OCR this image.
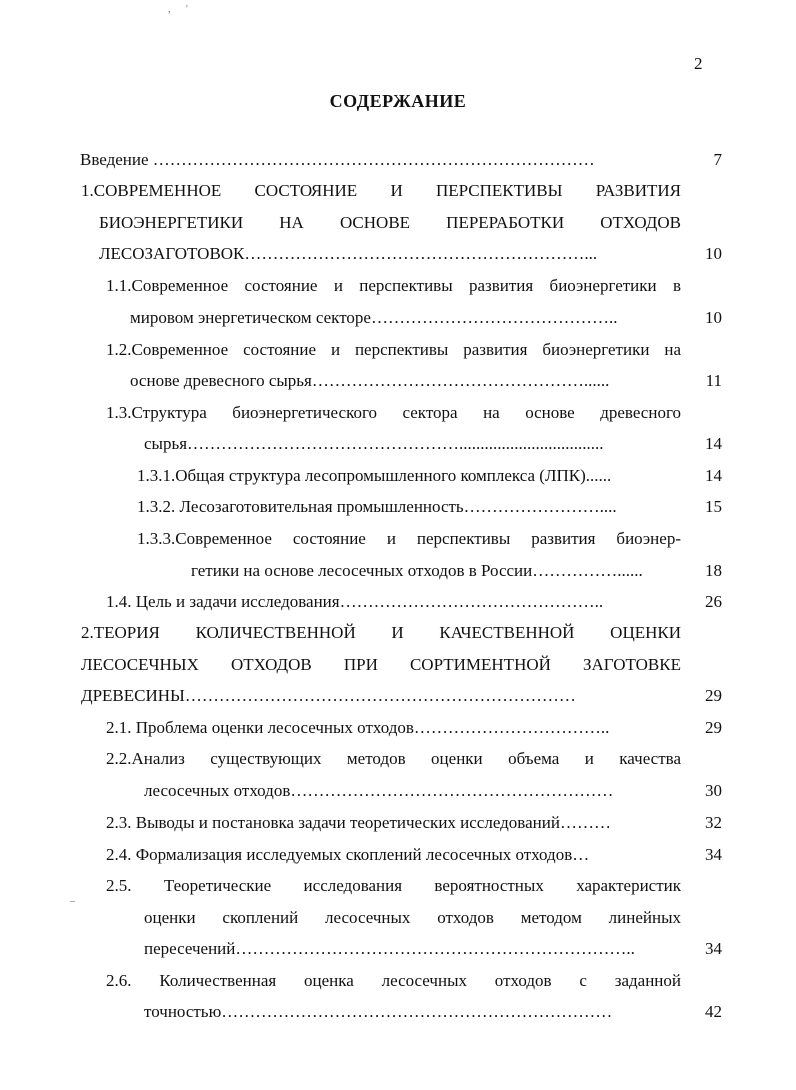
, '
2
СОДЕРЖАНИЕ
Введение ……………………………………………………………………	7
1.СОВРЕМЕННОЕ СОСТОЯНИЕ И ПЕРСПЕКТИВЫ РАЗВИТИЯ
БИОЭНЕРГЕТИКИ НА ОСНОВЕ ПЕРЕРАБОТКИ ОТХОДОВ
ЛЕСОЗАГОТОВОК……………………………………………………...	10
1.1.Современное состояние и перспективы развития биоэнергетики в
мировом энергетическом секторе……………………………………..	10
1.2.Современное состояние и перспективы развития биоэнергетики на
основе древесного сырья…………………………………………......	11
1.3.Структура биоэнергетического сектора на основе древесного
сырья…………………………………………..................................	14
1.3.1.Общая структура лесопромышленного комплекса (ЛПК)......	14
1.3.2. Лесозаготовительная промышленность……………………....	15
1.3.3.Современное состояние и перспективы развития биоэнер-
гетики на основе лесосечных отходов в России……………......	18
1.4. Цель и задачи исследования………………………………………..	26
2.ТЕОРИЯ КОЛИЧЕСТВЕННОЙ И КАЧЕСТВЕННОЙ ОЦЕНКИ
ЛЕСОСЕЧНЫХ ОТХОДОВ ПРИ СОРТИМЕНТНОЙ ЗАГОТОВКЕ
ДРЕВЕСИНЫ……………………………………………………………	29
2.1. Проблема оценки лесосечных отходов……………………………..	29
2.2.Анализ существующих методов оценки объема и качества
лесосечных отходов…………………………………………………	30
2.3. Выводы и постановка задачи теоретических исследований………	32
2.4. Формализация исследуемых скоплений лесосечных отходов…	34
2.5. Теоретические исследования вероятностных характеристик
оценки скоплений лесосечных отходов методом линейных
пересечений……………………………………………………………..	34
2.6. Количественная оценка лесосечных отходов с заданной
точностью……………………………………………………………	42
‒
